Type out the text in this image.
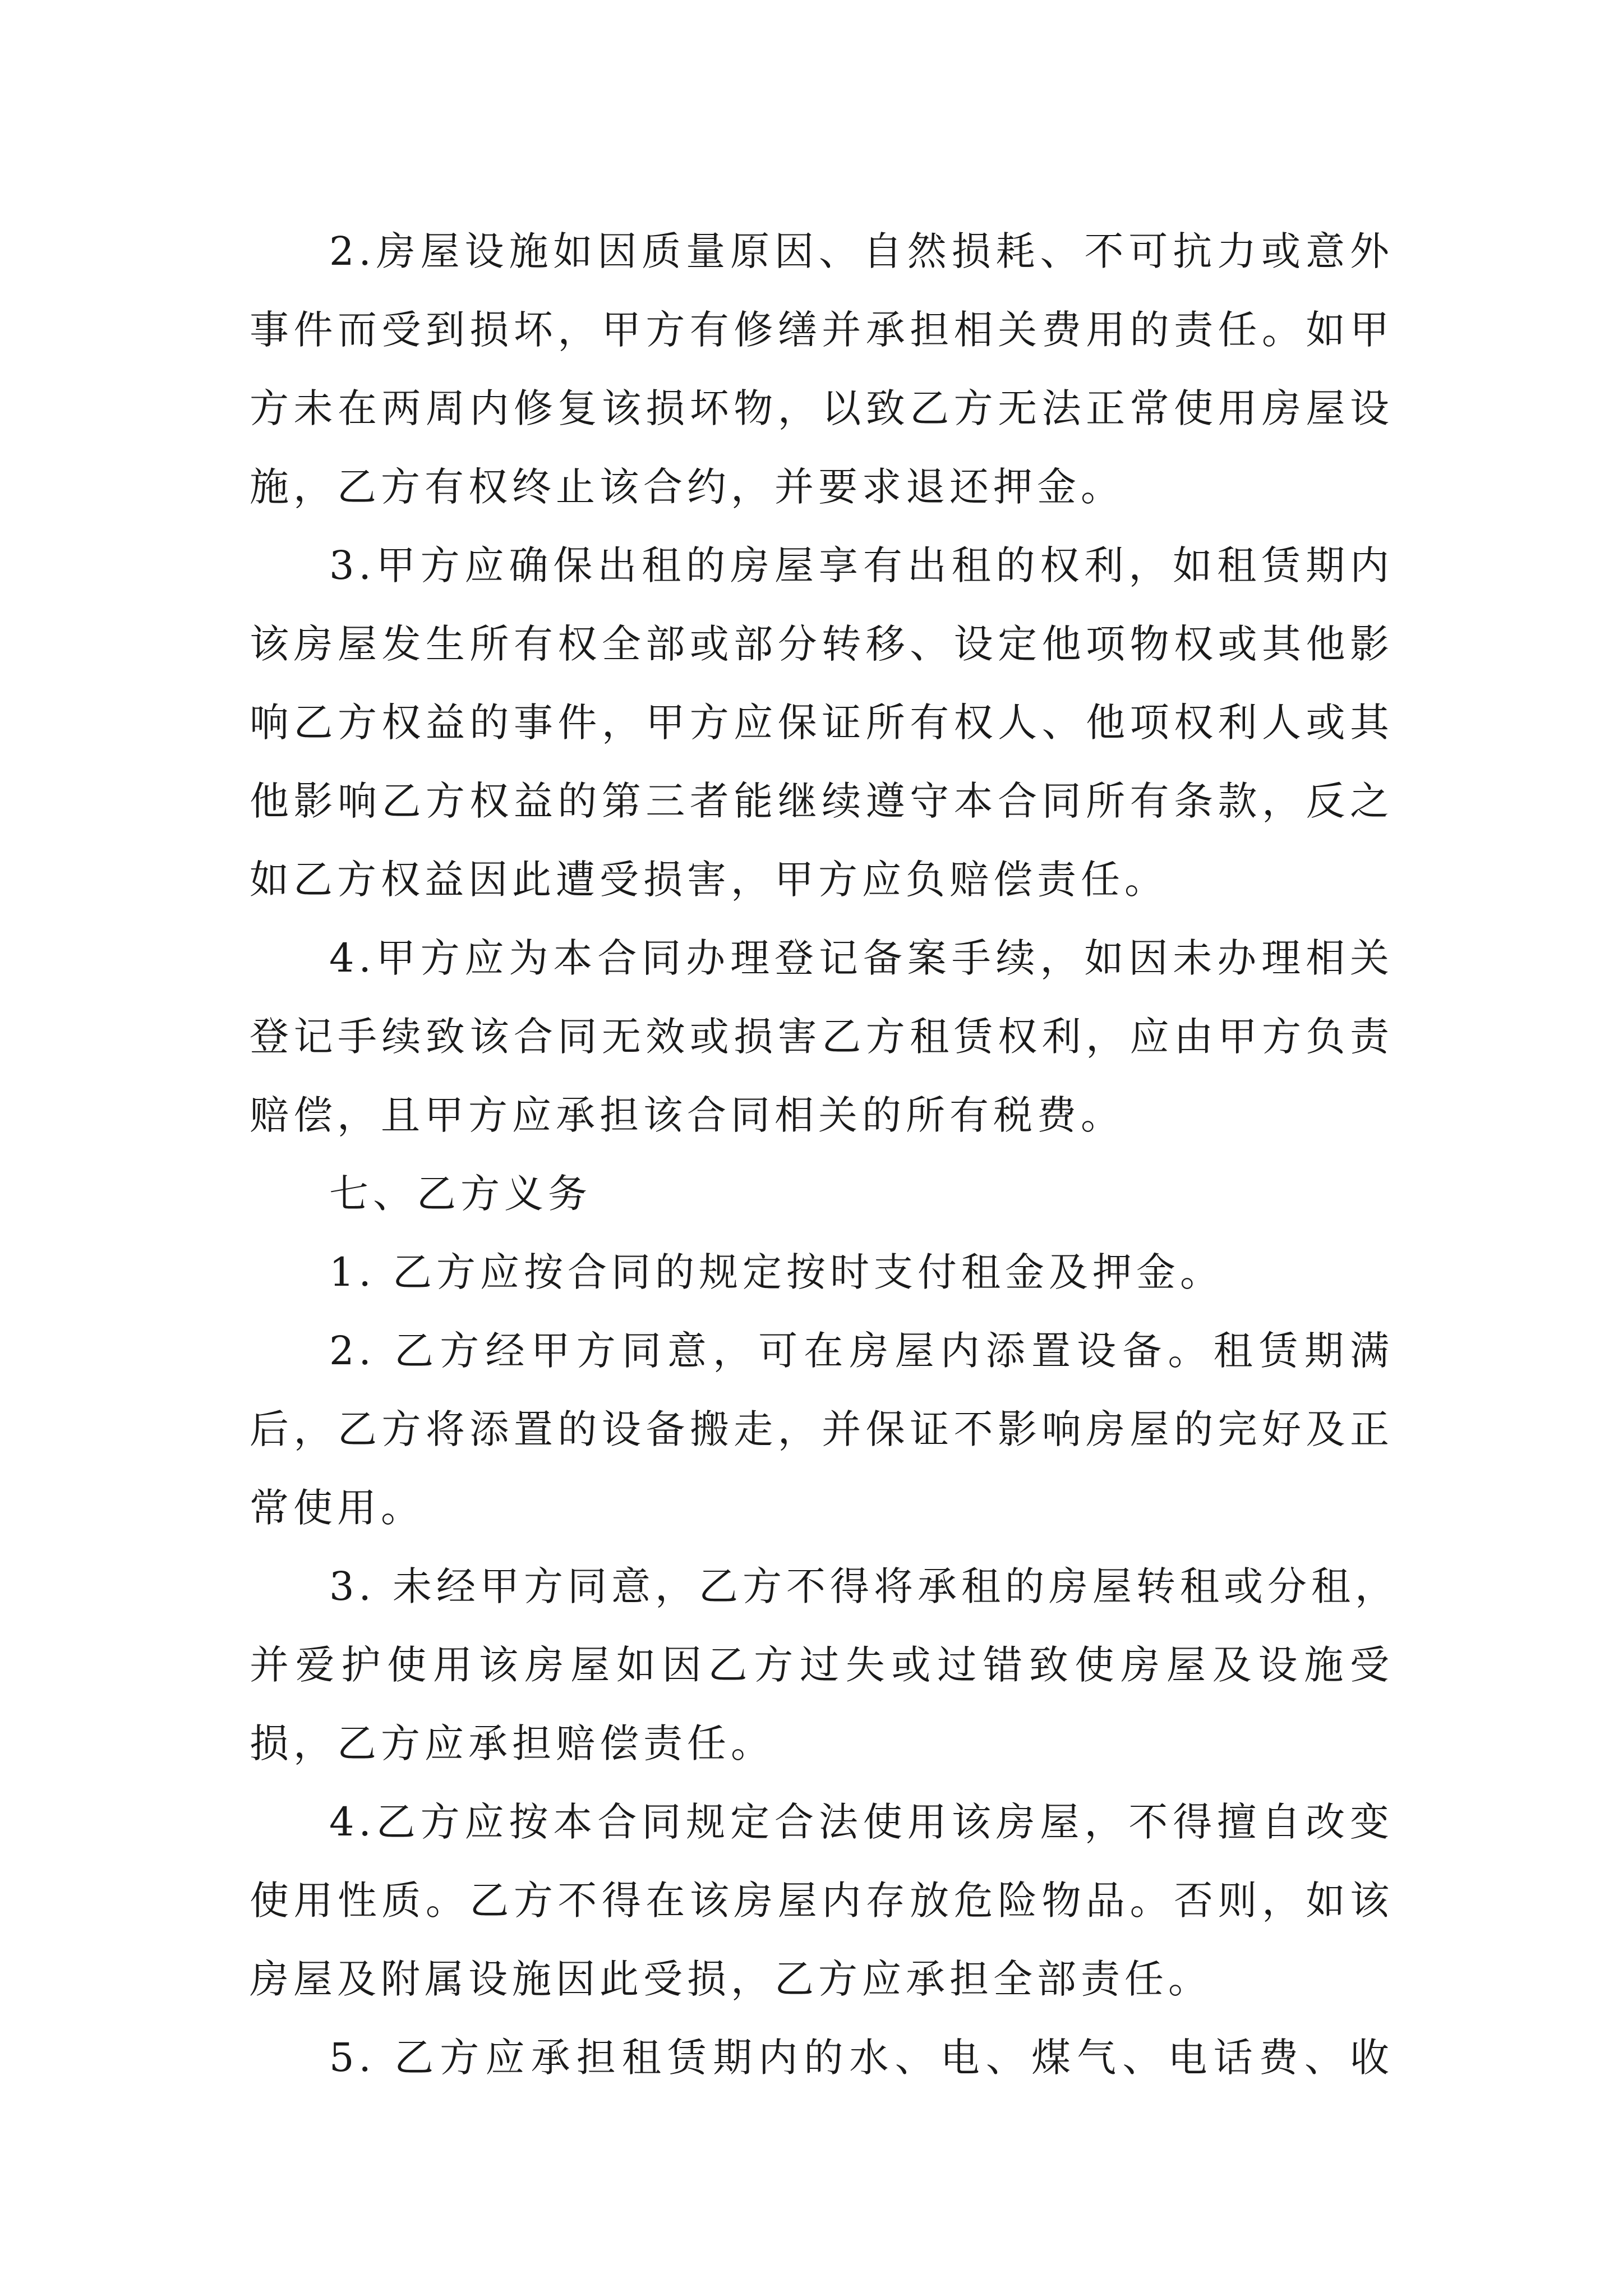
2.房屋设施如因质量原因、自然损耗、不可抗力或意外
事件而受到损坏，甲方有修缮并承担相关费用的责任。如甲
方未在两周内修复该损坏物，以致乙方无法正常使用房屋设
施，乙方有权终止该合约，并要求退还押金。
3.甲方应确保出租的房屋享有出租的权利，如租赁期内
该房屋发生所有权全部或部分转移、设定他项物权或其他影
响乙方权益的事件，甲方应保证所有权人、他项权利人或其
他影响乙方权益的第三者能继续遵守本合同所有条款，反之
如乙方权益因此遭受损害，甲方应负赔偿责任。
4.甲方应为本合同办理登记备案手续，如因未办理相关
登记手续致该合同无效或损害乙方租赁权利，应由甲方负责
赔偿，且甲方应承担该合同相关的所有税费。
七、乙方义务
1. 乙方应按合同的规定按时支付租金及押金。
2. 乙方经甲方同意，可在房屋内添置设备。租赁期满
后，乙方将添置的设备搬走，并保证不影响房屋的完好及正
常使用。
3. 未经甲方同意，乙方不得将承租的房屋转租或分租，
并爱护使用该房屋如因乙方过失或过错致使房屋及设施受
损，乙方应承担赔偿责任。
4.乙方应按本合同规定合法使用该房屋，不得擅自改变
使用性质。乙方不得在该房屋内存放危险物品。否则，如该
房屋及附属设施因此受损，乙方应承担全部责任。
5. 乙方应承担租赁期内的水、电、煤气、电话费、收
